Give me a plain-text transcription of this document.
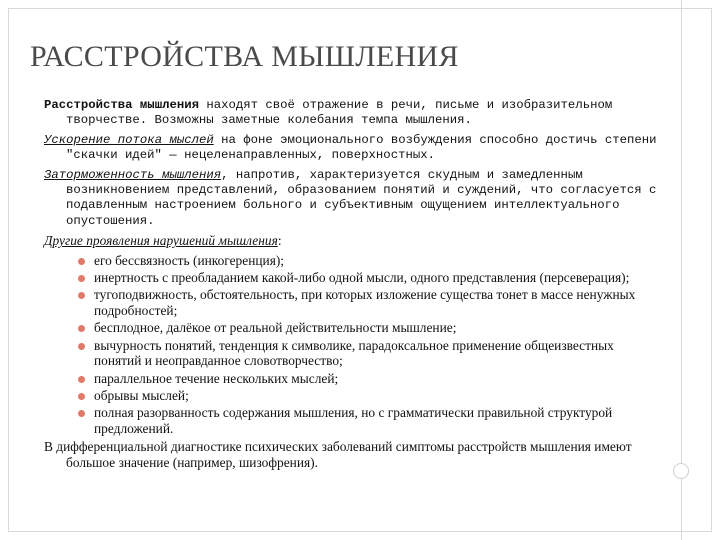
РАССТРОЙСТВА МЫШЛЕНИЯ

Расстройства мышления находят своё отражение в речи, письме и изобразительном творчестве. Возможны заметные колебания темпа мышления.

Ускорение потока мыслей на фоне эмоционального возбуждения способно достичь степени "скачки идей" — нецеленаправленных, поверхностных.

Заторможенность мышления, напротив, характеризуется скудным и замедленным возникновением представлений, образованием понятий и суждений, что согласуется с подавленным настроением больного и субъективным ощущением интеллектуального опустошения.

Другие проявления нарушений мышления:

его бессвязность (инкогеренция);
инертность с преобладанием какой-либо одной мысли, одного представления (персеверация);
тугоподвижность, обстоятельность, при которых изложение существа тонет в массе ненужных подробностей;
бесплодное, далёкое от реальной действительности мышление;
вычурность понятий, тенденция к символике, парадоксальное применение общеизвестных понятий и неоправданное словотворчество;
параллельное течение нескольких мыслей;
обрывы мыслей;
полная разорванность содержания мышления, но с грамматически правильной структурой предложений.

В дифференциальной диагностике психических заболеваний симптомы расстройств мышления имеют большое значение (например, шизофрения).
